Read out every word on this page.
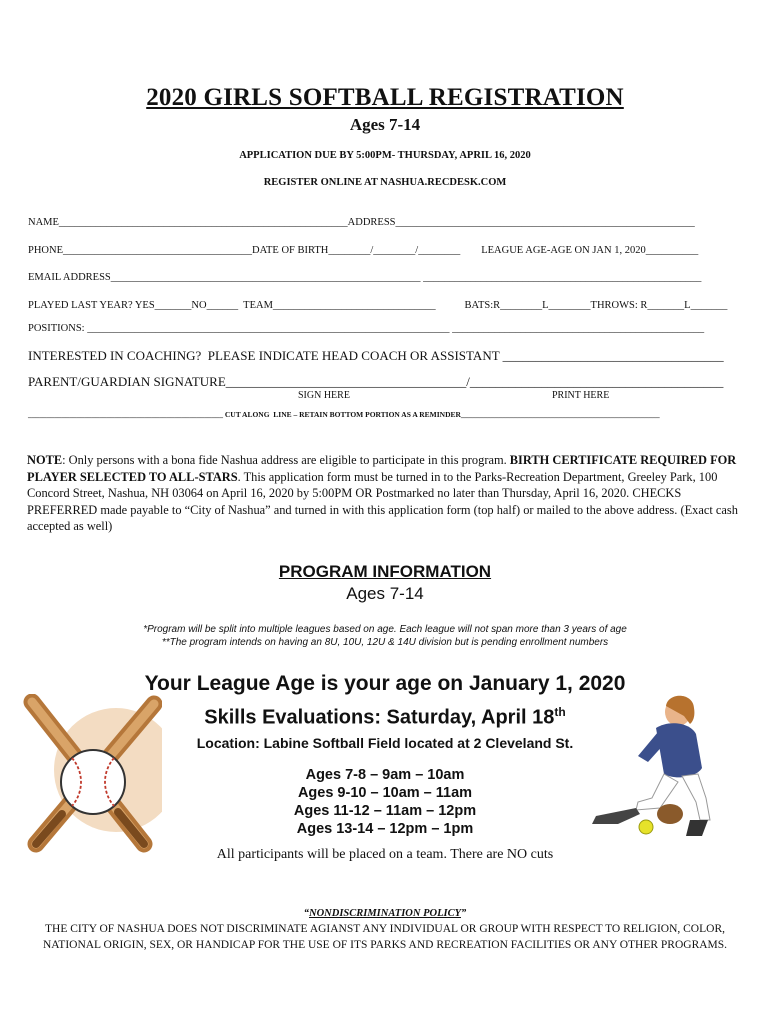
2020 GIRLS SOFTBALL REGISTRATION
Ages 7-14
APPLICATION DUE BY 5:00PM- THURSDAY, APRIL 16, 2020
REGISTER ONLINE AT NASHUA.RECDESK.COM
NAME_______________________________________________________ADDRESS_________________________________________________________
PHONE____________________________________DATE OF BIRTH________/________/________        LEAGUE AGE-AGE ON JAN 1, 2020__________
EMAIL ADDRESS___________________________________________________________ _____________________________________________________
PLAYED LAST YEAR? YES_______NO______  TEAM_______________________________           BATS:R________L________THROWS: R_______L_______
POSITIONS: _____________________________________________________________________ ________________________________________________
INTERESTED IN COACHING?  PLEASE INDICATE HEAD COACH OR ASSISTANT __________________________________
PARENT/GUARDIAN SIGNATURE_____________________________________/_______________________________________
SIGN HERE	PRINT HERE
____________________________________________________ CUT ALONG  LINE – RETAIN BOTTOM PORTION AS A REMINDER_____________________________________________________
NOTE: Only persons with a bona fide Nashua address are eligible to participate in this program. BIRTH CERTIFICATE REQUIRED FOR PLAYER SELECTED TO ALL-STARS. This application form must be turned in to the Parks-Recreation Department, Greeley Park, 100 Concord Street, Nashua, NH 03064 on April 16, 2020 by 5:00PM OR Postmarked no later than Thursday, April 16, 2020. CHECKS PREFERRED made payable to “City of Nashua” and turned in with this application form (top half) or mailed to the above address. (Exact cash accepted as well)
PROGRAM INFORMATION
Ages 7-14
*Program will be split into multiple leagues based on age. Each league will not span more than 3 years of age
**The program intends on having an 8U, 10U, 12U & 14U division but is pending enrollment numbers
Your League Age is your age on January 1, 2020
Skills Evaluations: Saturday, April 18th
Location: Labine Softball Field located at 2 Cleveland St.
Ages 7-8 – 9am – 10am
Ages 9-10 – 10am – 11am
Ages 11-12 – 11am – 12pm
Ages 13-14 – 12pm – 1pm
All participants will be placed on a team. There are NO cuts
“NONDISCRIMINATION POLICY”
THE CITY OF NASHUA DOES NOT DISCRIMINATE AGIANST ANY INDIVIDUAL OR GROUP WITH RESPECT TO RELIGION, COLOR, NATIONAL ORIGIN, SEX, OR HANDICAP FOR THE USE OF ITS PARKS AND RECREATION FACILITIES OR ANY OTHER PROGRAMS.
